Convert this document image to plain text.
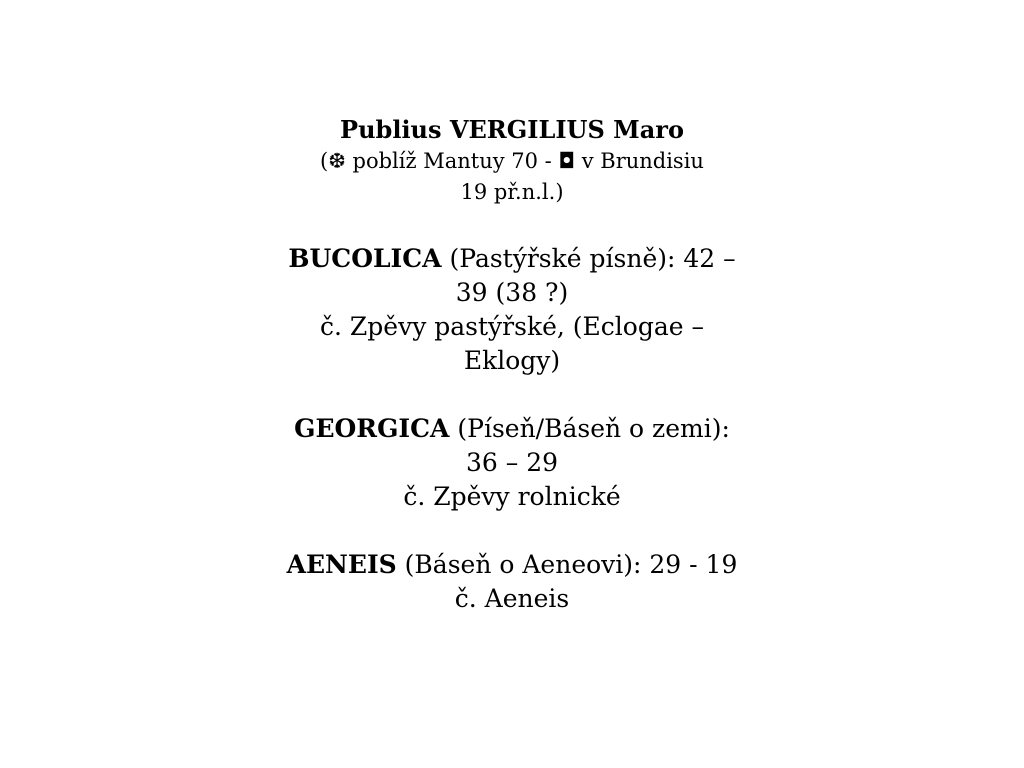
Publius VERGILIUS Maro

(❆ poblíž Mantuy 70 - ◘ v Brundisiu

19 př.n.l.)

BUCOLICA (Pastýřské písně): 42 –

39 (38 ?)

č. Zpěvy pastýřské, (Eclogae –

Eklogy)

GEORGICA (Píseň/Báseň o zemi):

36 – 29

č. Zpěvy rolnické

AENEIS (Báseň o Aeneovi): 29 - 19

č. Aeneis
